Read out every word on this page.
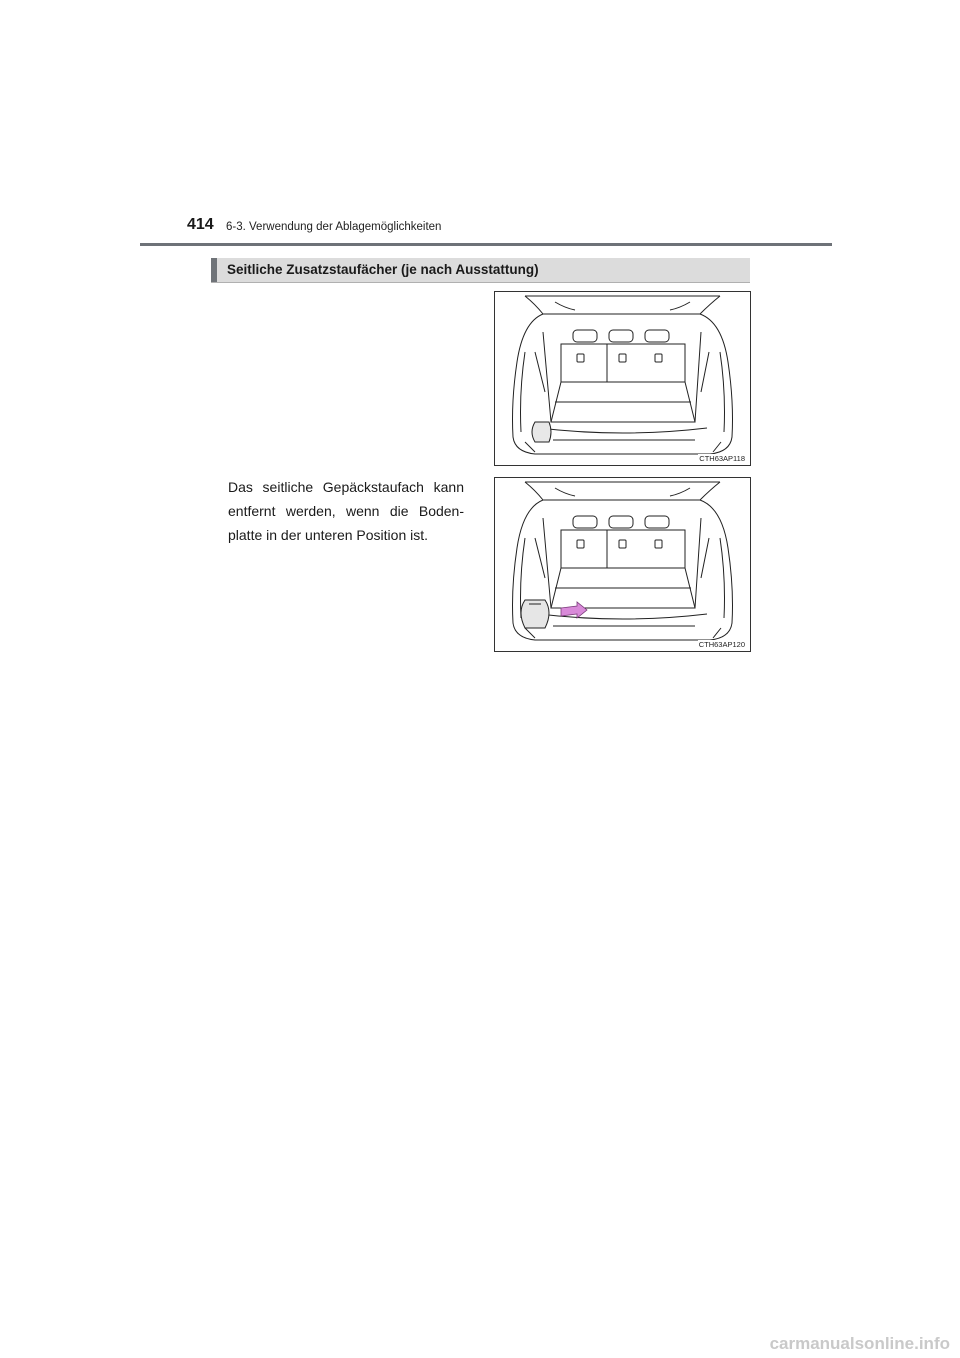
414 6-3. Verwendung der Ablagemöglichkeiten
Seitliche Zusatzstaufächer (je nach Ausstattung)
CTH63AP118
CTH63AP120
Das seitliche Gepäckstaufach kann entfernt werden, wenn die Boden-platte in der unteren Position ist.
carmanualsonline.info
